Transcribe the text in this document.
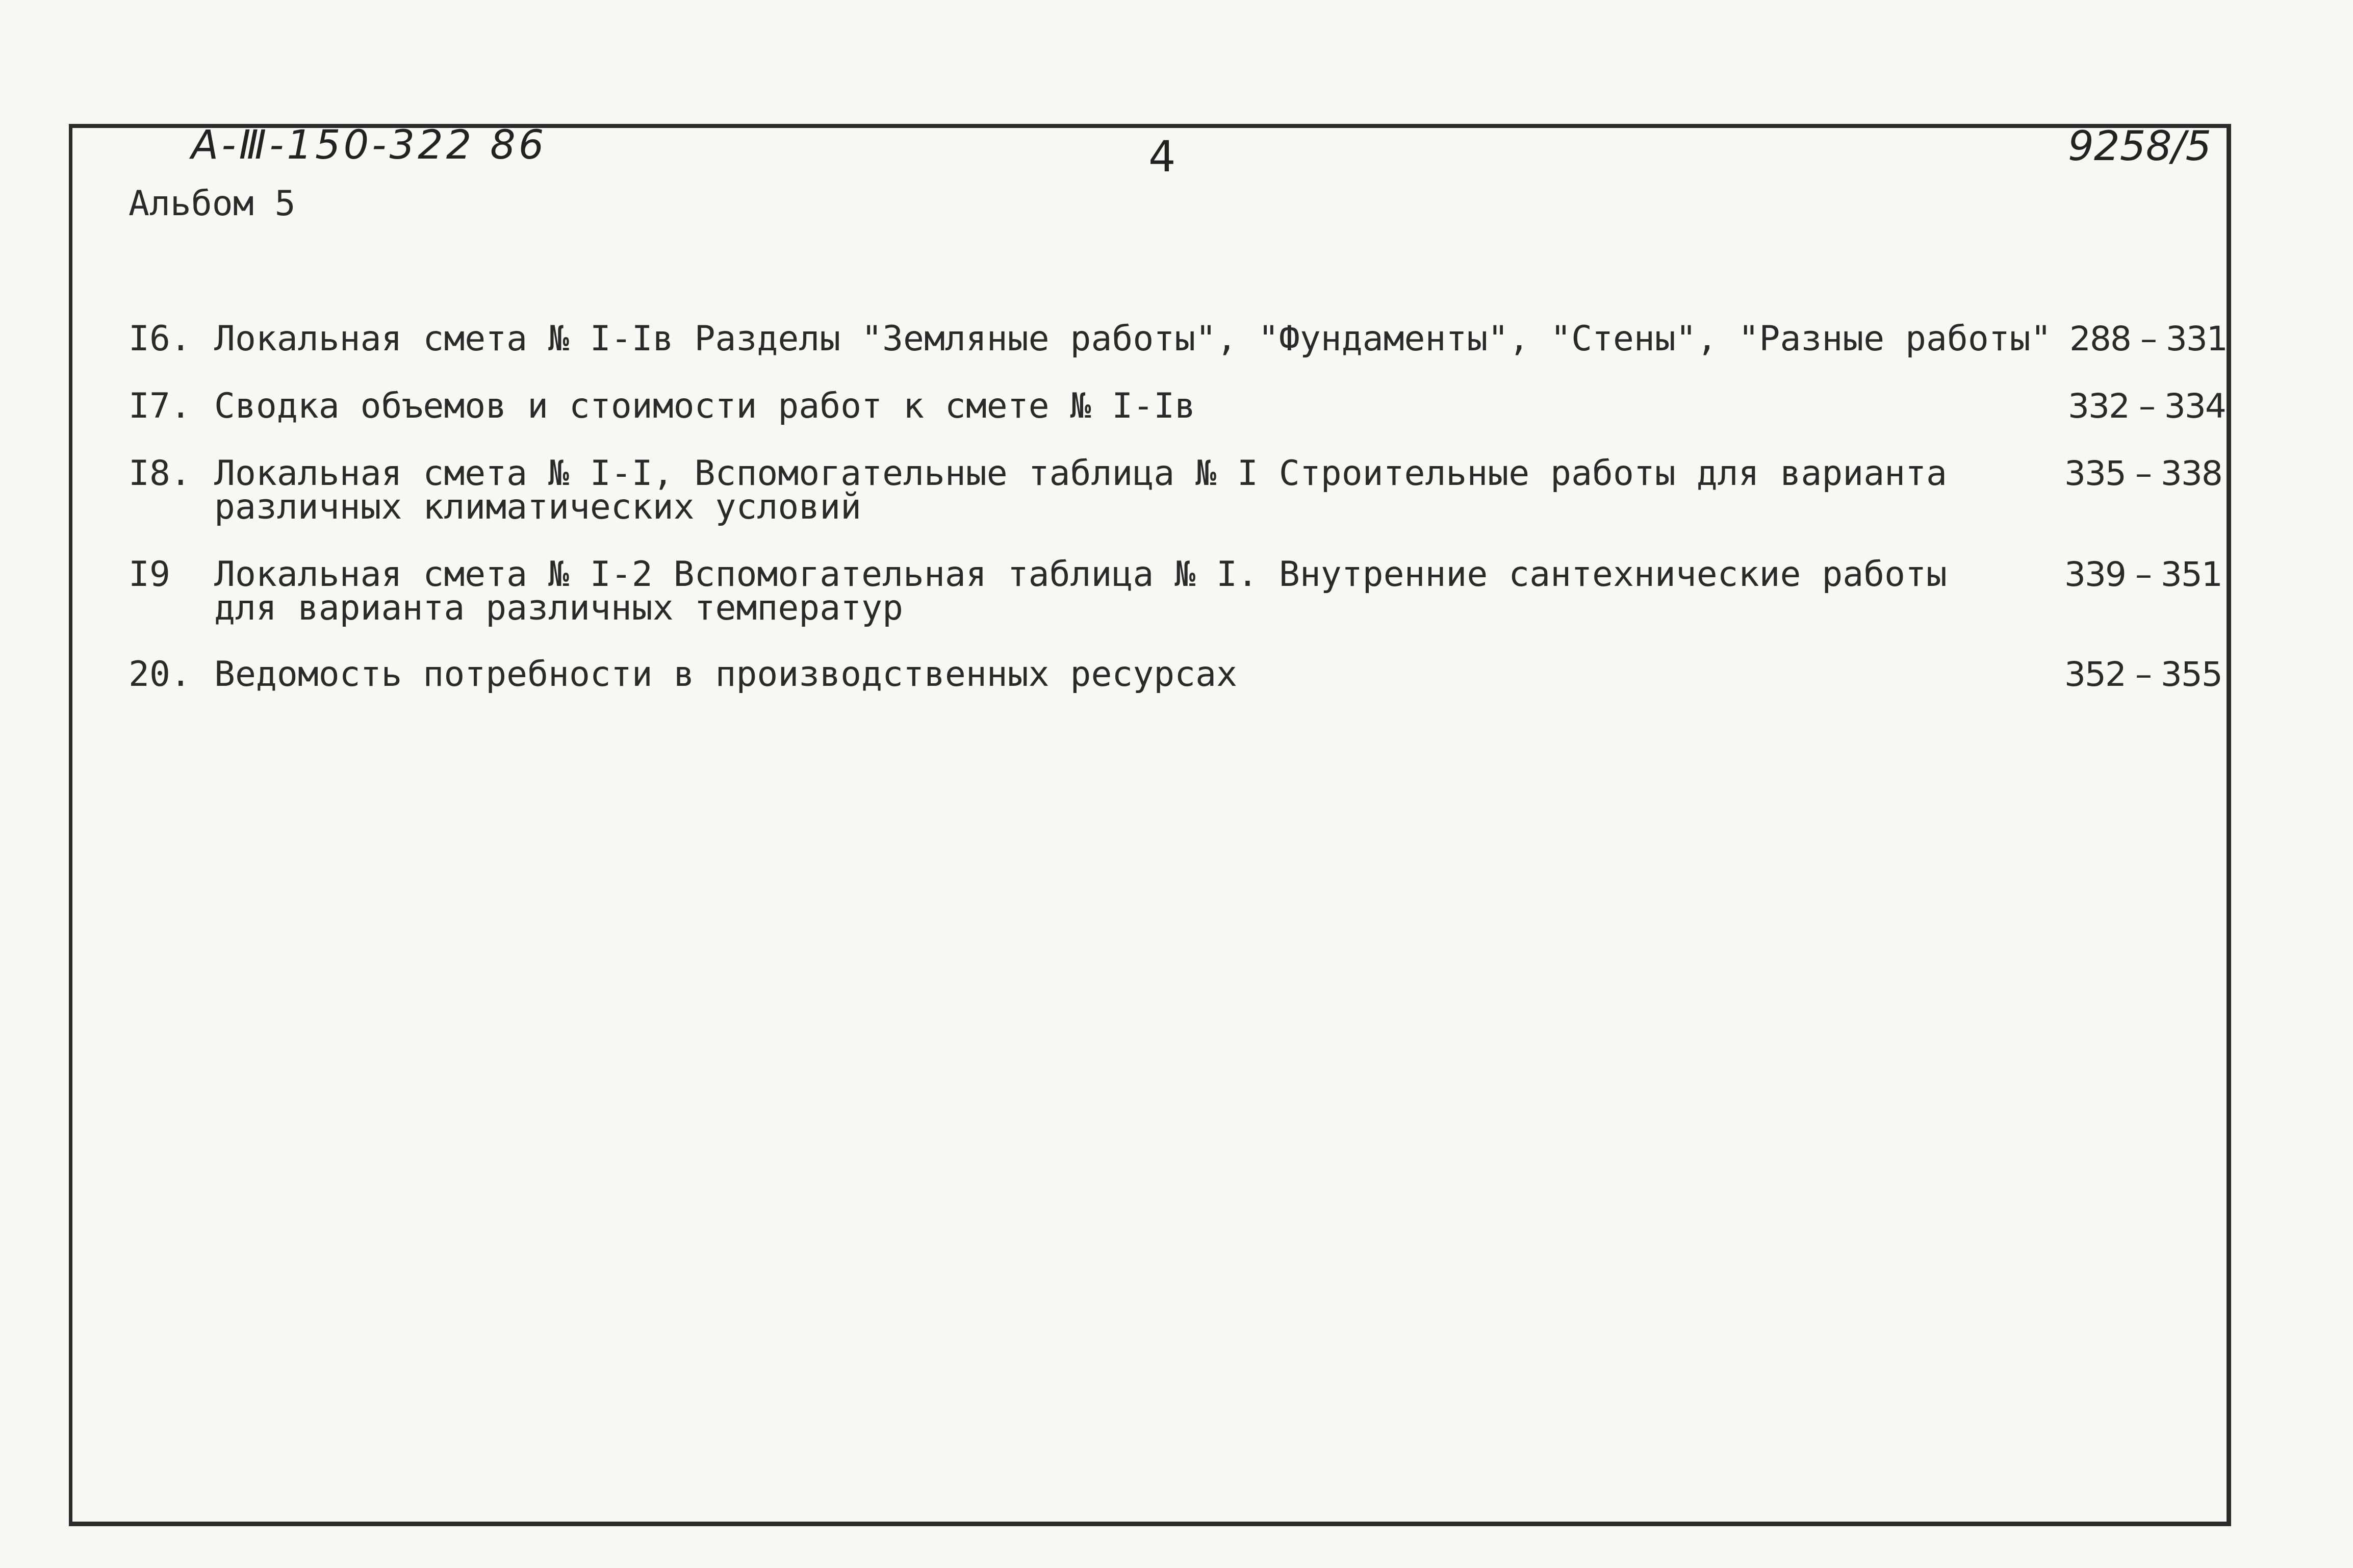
А-Ⅲ-150-322 86	4	9258/5
Альбом 5
I6. Локальная смета № I-Iв Разделы "Земляные работы", "Фундаменты", "Стены", "Разные работы" 288 – 331
I7. Сводка объемов и стоимости работ к смете № I-Iв	332 – 334
I8. Локальная смета № I-I, Вспомогательные таблица № I Строительные работы для варианта
различных климатических условий
335 – 338
I9 Локальная смета № I-2 Вспомогательная таблица № I. Внутренние сантехнические работы
для варианта различных температур
339 – 351
20. Ведомость потребности в производственных ресурсах	352 – 355
